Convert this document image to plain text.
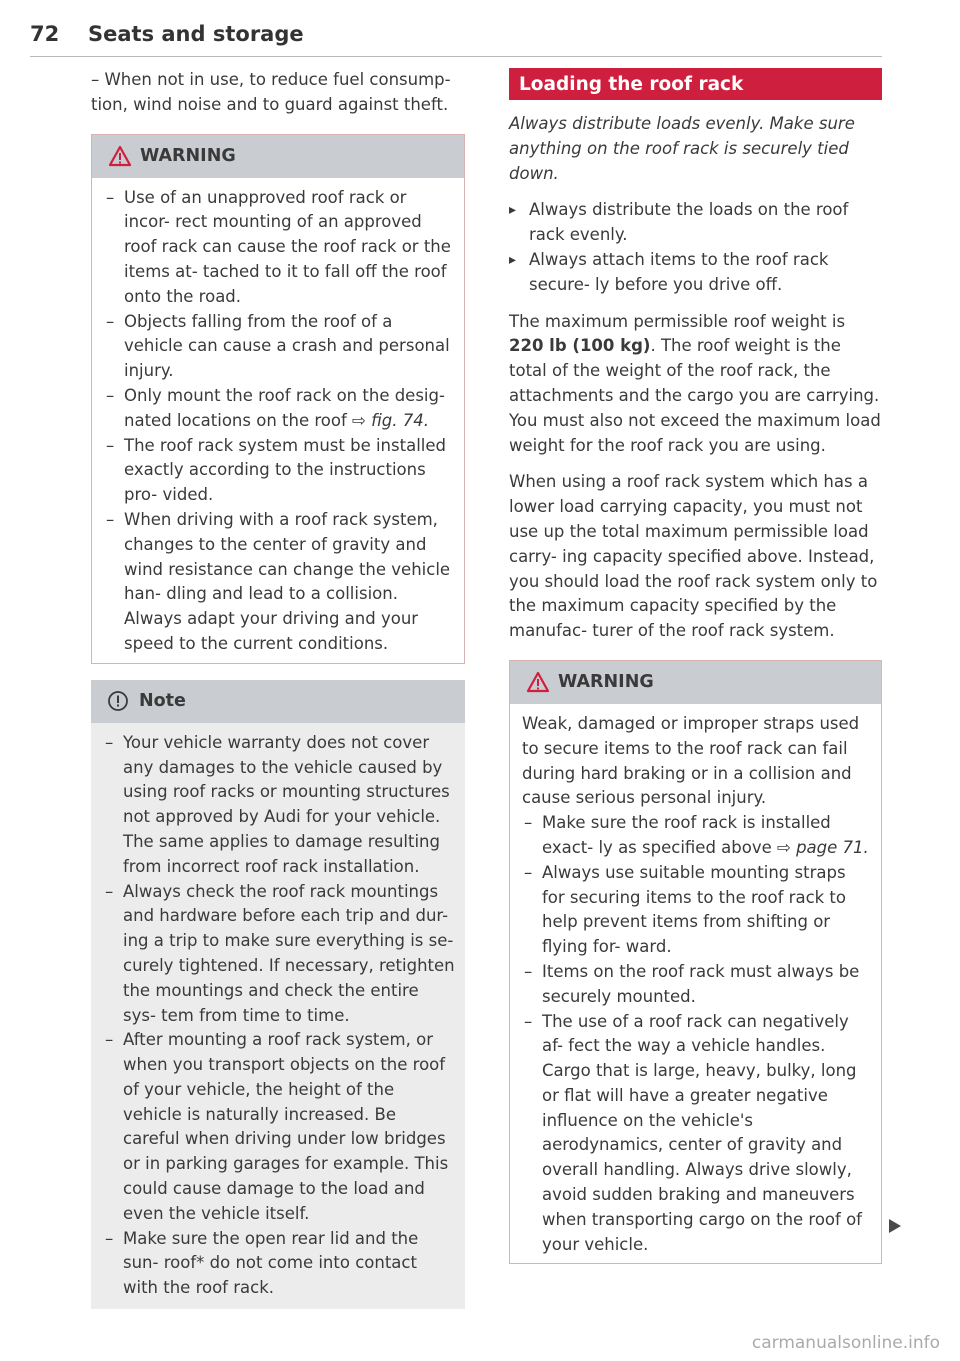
72 Seats and storage

– When not in use, to reduce fuel consump- tion, wind noise and to guard against theft.

WARNING
– Use of an unapproved roof rack or incor- rect mounting of an approved roof rack can cause the roof rack or the items at- tached to it to fall off the roof onto the road.
– Objects falling from the roof of a vehicle can cause a crash and personal injury.
– Only mount the roof rack on the desig- nated locations on the roof ⇨ fig. 74.
– The roof rack system must be installed exactly according to the instructions pro- vided.
– When driving with a roof rack system, changes to the center of gravity and wind resistance can change the vehicle han- dling and lead to a collision. Always adapt your driving and your speed to the current conditions.
Note
– Your vehicle warranty does not cover any damages to the vehicle caused by using roof racks or mounting structures not approved by Audi for your vehicle. The same applies to damage resulting from incorrect roof rack installation.
– Always check the roof rack mountings and hardware before each trip and dur- ing a trip to make sure everything is se- curely tightened. If necessary, retighten the mountings and check the entire sys- tem from time to time.
– After mounting a roof rack system, or when you transport objects on the roof of your vehicle, the height of the vehicle is naturally increased. Be careful when driving under low bridges or in parking garages for example. This could cause damage to the load and even the vehicle itself.
– Make sure the open rear lid and the sun- roof* do not come into contact with the roof rack.
Loading the roof rack

Always distribute loads evenly. Make sure anything on the roof rack is securely tied down.

▸ Always distribute the loads on the roof rack evenly.
▸ Always attach items to the roof rack secure- ly before you drive off.

The maximum permissible roof weight is 220 lb (100 kg). The roof weight is the total of the weight of the roof rack, the attachments and the cargo you are carrying. You must also not exceed the maximum load weight for the roof rack you are using.

When using a roof rack system which has a lower load carrying capacity, you must not use up the total maximum permissible load carry- ing capacity specified above. Instead, you should load the roof rack system only to the maximum capacity specified by the manufac- turer of the roof rack system.

WARNING

Weak, damaged or improper straps used to secure items to the roof rack can fail during hard braking or in a collision and cause serious personal injury.

– Make sure the roof rack is installed exact- ly as specified above ⇨ page 71.
– Always use suitable mounting straps for securing items to the roof rack to help prevent items from shifting or flying for- ward.
– Items on the roof rack must always be securely mounted.
– The use of a roof rack can negatively af- fect the way a vehicle handles. Cargo that is large, heavy, bulky, long or flat will have a greater negative influence on the vehicle's aerodynamics, center of gravity and overall handling. Always drive slowly, avoid sudden braking and maneuvers when transporting cargo on the roof of your vehicle.
carmanualsonline.info
